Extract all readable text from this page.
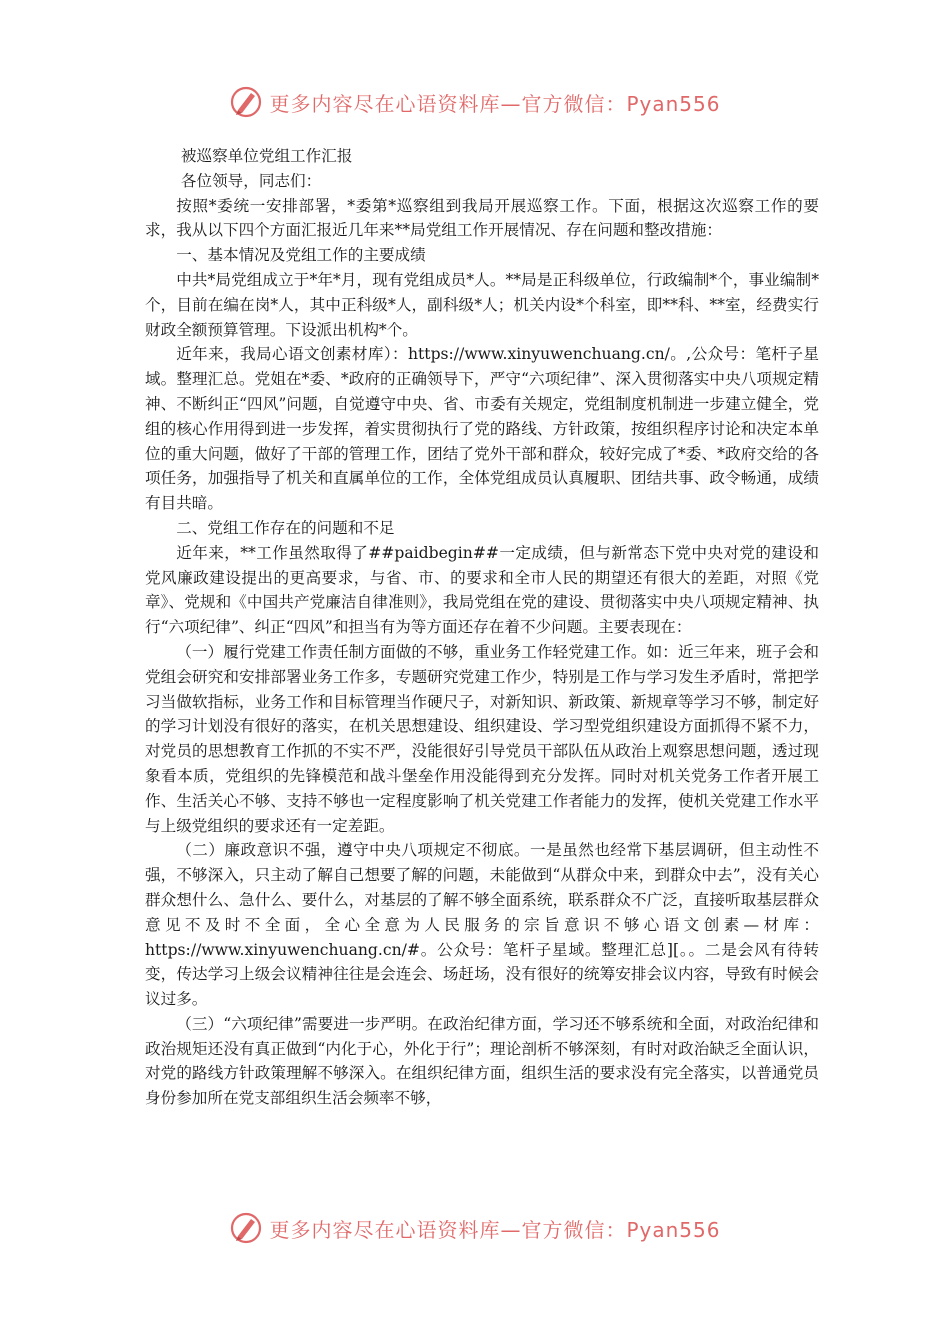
更多内容尽在心语资料库—官方微信：Pyan556

被巡察单位党组工作汇报

各位领导，同志们：

按照*委统一安排部署，*委第*巡察组到我局开展巡察工作。下面，根据这次巡察工作的要求，我从以下四个方面汇报近几年来**局党组工作开展情况、存在问题和整改措施：

一、基本情况及党组工作的主要成绩

中共*局党组成立于*年*月，现有党组成员*人。**局是正科级单位，行政编制*个，事业编制*个，目前在编在岗*人，其中正科级*人，副科级*人；机关内设*个科室，即**科、**室，经费实行财政全额预算管理。下设派出机构*个。

近年来，我局心语文创素材库）：https://www.xinyuwenchuang.cn/。,公众号：笔杆子星域。整理汇总。党姐在*委、*政府的正确领导下，严守“六项纪律”、深入贯彻落实中央八项规定精神、不断纠正“四风”问题，自觉遵守中央、省、市委有关规定，党组制度机制进一步建立健全，党组的核心作用得到进一步发挥，着实贯彻执行了党的路线、方针政策，按组织程序讨论和决定本单位的重大问题，做好了干部的管理工作，团结了党外干部和群众，较好完成了*委、*政府交给的各项任务，加强指导了机关和直属单位的工作，全体党组成员认真履职、团结共事、政令畅通，成绩有目共暗。

二、党组工作存在的问题和不足

近年来，**工作虽然取得了##paidbegin##一定成绩，但与新常态下党中央对党的建设和党风廉政建设提出的更高要求，与省、市、的要求和全市人民的期望还有很大的差距，对照《党章》、党规和《中国共产党廉洁自律准则》，我局党组在党的建设、贯彻落实中央八项规定精神、执行“六项纪律”、纠正“四风”和担当有为等方面还存在着不少问题。主要表现在：

（一）履行党建工作责任制方面做的不够，重业务工作轻党建工作。如：近三年来，班子会和党组会研究和安排部署业务工作多，专题研究党建工作少，特别是工作与学习发生矛盾时，常把学习当做软指标，业务工作和目标管理当作硬尺子，对新知识、新政策、新规章等学习不够，制定好的学习计划没有很好的落实，在机关思想建设、组织建设、学习型党组织建设方面抓得不紧不力，对党员的思想教育工作抓的不实不严，没能很好引导党员干部队伍从政治上观察思想问题，透过现象看本质，党组织的先锋模范和战斗堡垒作用没能得到充分发挥。同时对机关党务工作者开展工作、生活关心不够、支持不够也一定程度影响了机关党建工作者能力的发挥，使机关党建工作水平与上级党组织的要求还有一定差距。

（二）廉政意识不强，遵守中央八项规定不彻底。一是虽然也经常下基层调研，但主动性不强，不够深入，只主动了解自己想要了解的问题，未能做到“从群众中来，到群众中去”，没有关心群众想什么、急什么、要什么，对基层的了解不够全面系统，联系群众不广泛，直接听取基层群众意见不及时不全面，全心全意为人民服务的宗旨意识不够心语文创素—材库：https://www.xinyuwenchuang.cn/#。公众号：笔杆子星域。整理汇总][。。二是会风有待转变，传达学习上级会议精神往往是会连会、场赶场，没有很好的统筹安排会议内容，导致有时候会议过多。

（三）“六项纪律”需要进一步严明。在政治纪律方面，学习还不够系统和全面，对政治纪律和政治规矩还没有真正做到“内化于心，外化于行”；理论剖析不够深刻，有时对政治缺乏全面认识，对党的路线方针政策理解不够深入。在组织纪律方面，组织生活的要求没有完全落实，以普通党员身份参加所在党支部组织生活会频率不够，

更多内容尽在心语资料库—官方微信：Pyan556
